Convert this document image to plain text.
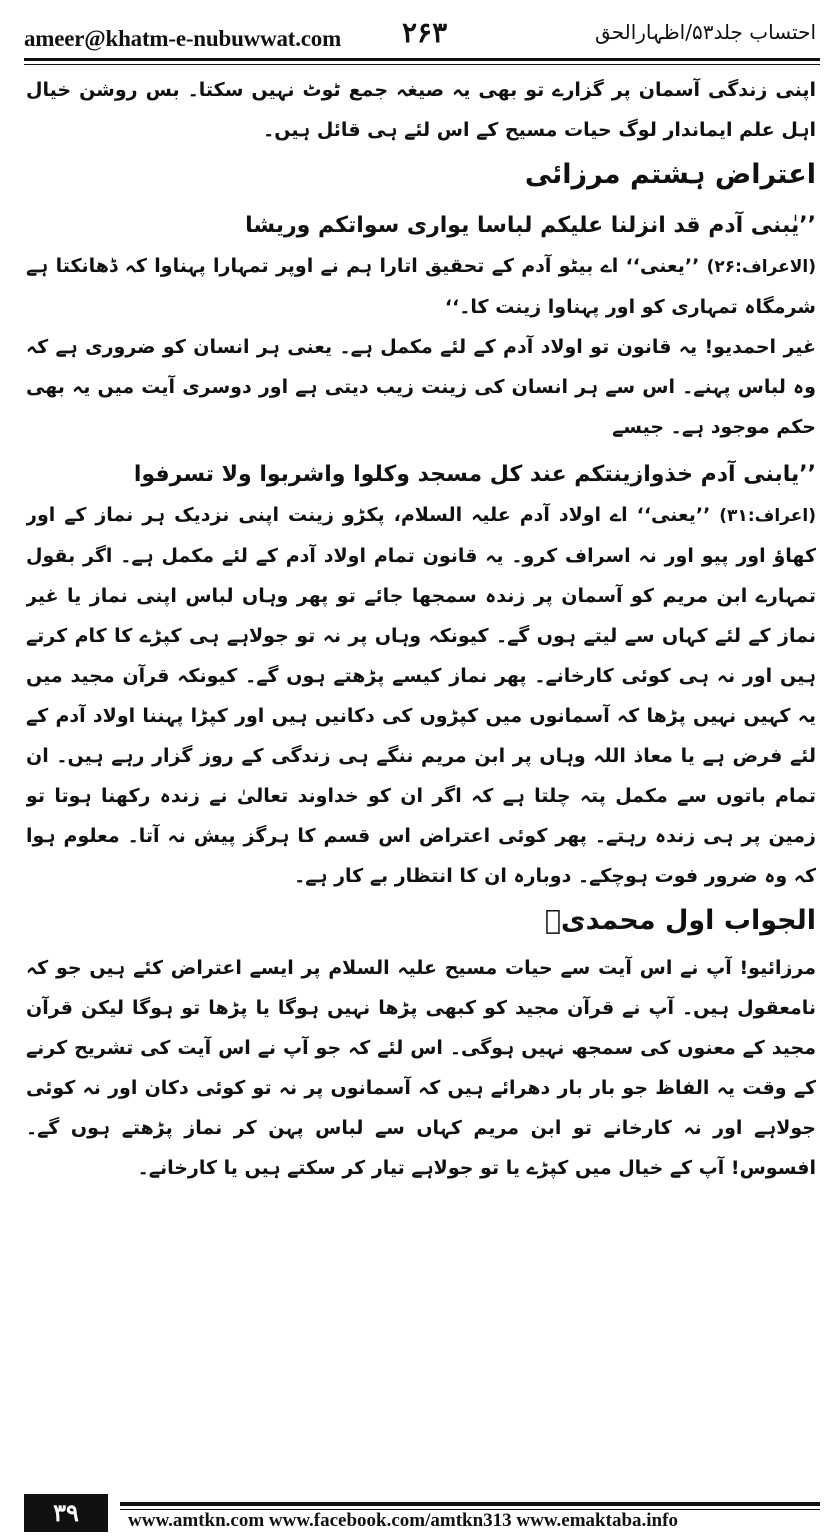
ameer@khatm-e-nubuwwat.com ۲۶۳	احتساب جلد۵۳/اظہارالحق

اپنی زندگی آسمان پر گزارے تو بھی یہ صیغہ جمع ٹوٹ نہیں سکتا۔ بس روشن خیال اہل علم ایماندار لوگ حیات مسیح کے اس لئے ہی قائل ہیں۔

اعتراض ہشتم مرزائی
’’یٰبنی آدم قد انزلنا علیکم لباسا یواری سواتکم وریشا

(الاعراف:۲۶) ’’یعنی‘‘ اے بیٹو آدم کے تحقیق اتارا ہم نے اوپر تمہارا پہناوا کہ ڈھانکتا ہے شرمگاہ تمہاری کو اور پہناوا زینت کا۔‘‘

غیر احمدیو! یہ قانون تو اولاد آدم کے لئے مکمل ہے۔ یعنی ہر انسان کو ضروری ہے کہ وہ لباس پہنے۔ اس سے ہر انسان کی زینت زیب دیتی ہے اور دوسری آیت میں یہ بھی حکم موجود ہے۔ جیسے

’’یابنی آدم خذوازینتکم عند کل مسجد وکلوا واشربوا ولا تسرفوا

(اعراف:۳۱) ’’یعنی‘‘ اے اولاد آدم علیہ السلام، پکڑو زینت اپنی نزدیک ہر نماز کے اور کھاؤ اور پیو اور نہ اسراف کرو۔ یہ قانون تمام اولاد آدم کے لئے مکمل ہے۔ اگر بقول تمہارے ابن مریم کو آسمان پر زندہ سمجھا جائے تو پھر وہاں لباس اپنی نماز یا غیر نماز کے لئے کہاں سے لیتے ہوں گے۔ کیونکہ وہاں پر نہ تو جولاہے ہی کپڑے کا کام کرتے ہیں اور نہ ہی کوئی کارخانے۔ پھر نماز کیسے پڑھتے ہوں گے۔ کیونکہ قرآن مجید میں یہ کہیں نہیں پڑھا کہ آسمانوں میں کپڑوں کی دکانیں ہیں اور کپڑا پہننا اولاد آدم کے لئے فرض ہے یا معاذ اللہ وہاں پر ابن مریم ننگے ہی زندگی کے روز گزار رہے ہیں۔ ان تمام باتوں سے مکمل پتہ چلتا ہے کہ اگر ان کو خداوند تعالیٰ نے زندہ رکھنا ہوتا تو زمین پر ہی زندہ رہتے۔ پھر کوئی اعتراض اس قسم کا ہرگز پیش نہ آتا۔ معلوم ہوا کہ وہ ضرور فوت ہوچکے۔ دوبارہ ان کا انتظار بے کار ہے۔

الجواب اول محمدیؐ

مرزائیو! آپ نے اس آیت سے حیات مسیح علیہ السلام پر ایسے اعتراض کئے ہیں جو کہ نامعقول ہیں۔ آپ نے قرآن مجید کو کبھی پڑھا نہیں ہوگا یا پڑھا تو ہوگا لیکن قرآن مجید کے معنوں کی سمجھ نہیں ہوگی۔ اس لئے کہ جو آپ نے اس آیت کی تشریح کرنے کے وقت یہ الفاظ جو بار بار دھرائے ہیں کہ آسمانوں پر نہ تو کوئی دکان اور نہ کوئی جولاہے اور نہ کارخانے تو ابن مریم کہاں سے لباس پہن کر نماز پڑھتے ہوں گے۔ افسوس! آپ کے خیال میں کپڑے یا تو جولاہے تیار کر سکتے ہیں یا کارخانے۔

۳۹	www.amtkn.com www.facebook.com/amtkn313 www.emaktaba.info
